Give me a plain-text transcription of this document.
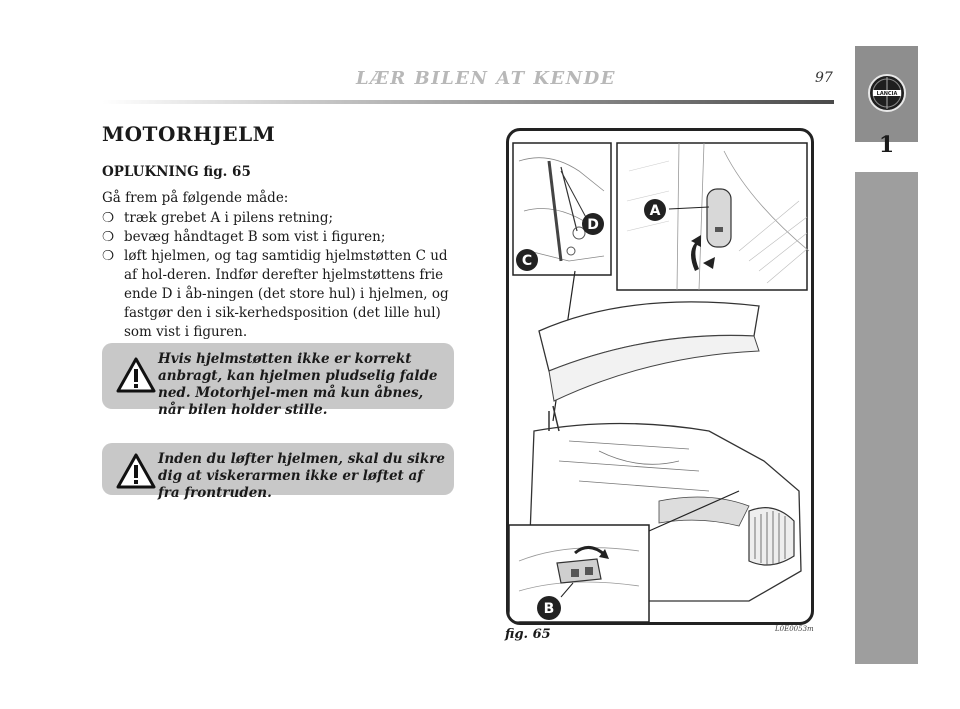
LÆR BILEN AT KENDE	97
LANCIA
1
MOTORHJELM
OPLUKNING fig. 65
Gå frem på følgende måde:
❍ træk grebet A i pilens retning;
❍ bevæg håndtaget B som vist i figuren;
❍ løft hjelmen, og tag samtidig hjelmstøtten C ud af hol-deren. Indfør derefter hjelmstøttens frie ende D i åb-ningen (det store hul) i hjelmen, og fastgør den i sik-kerhedsposition (det lille hul) som vist i figuren.
Hvis hjelmstøtten ikke er korrekt anbragt, kan hjelmen pludselig falde ned. Motorhjel-men må kun åbnes, når bilen holder stille.
Inden du løfter hjelmen, skal du sikre dig at viskerarmen ikke er løftet af fra frontruden.
A
B
C
D
fig. 65	L0E0053m
